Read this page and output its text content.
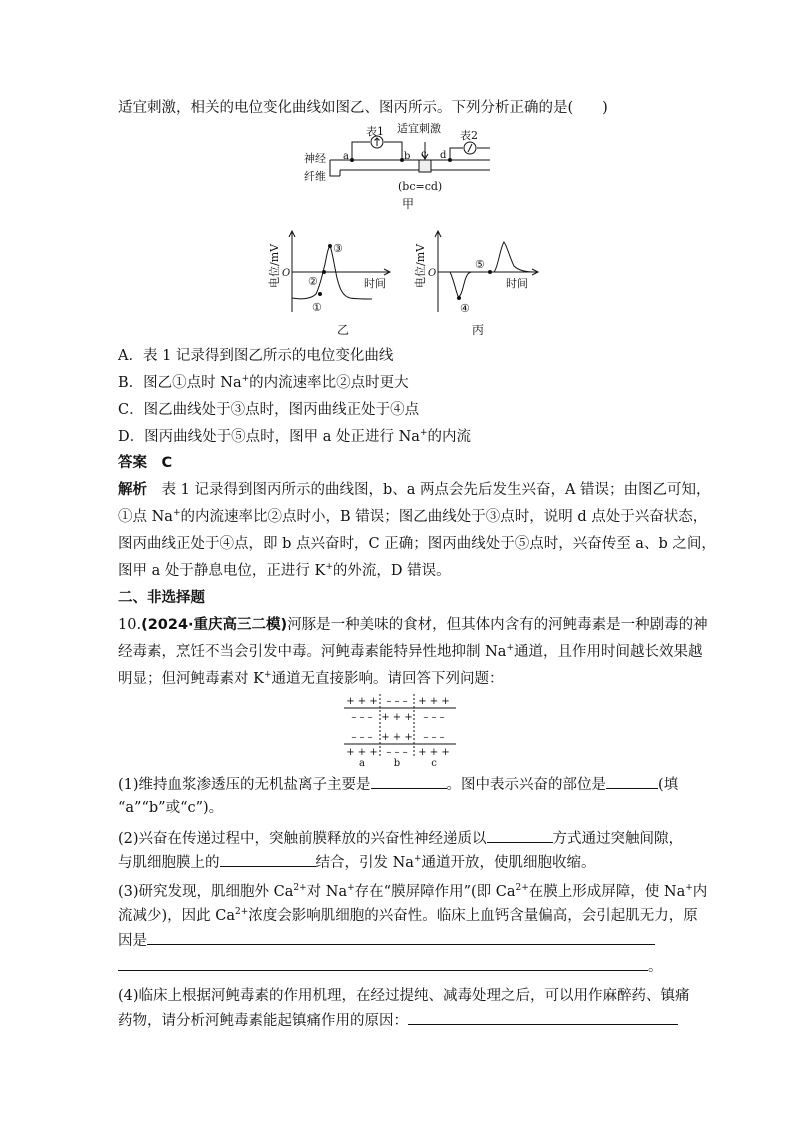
适宜刺激，相关的电位变化曲线如图乙、图丙所示。下列分析正确的是(　　)
表1	表2
适宜刺激
神经
纤维
a	b c d
(bc=cd)
甲
电位/mV O
时间
①
②
③
乙
电位/mV O
时间
④
⑤
丙
A．表 1 记录得到图乙所示的电位变化曲线
B．图乙①点时 Na+的内流速率比②点时更大
C．图乙曲线处于③点时，图丙曲线正处于④点
D．图丙曲线处于⑤点时，图甲 a 处正进行 Na+的内流
答案　C
解析　 表 1 记录得到图丙所示的曲线图，b、a 两点会先后发生兴奋，A 错误；由图乙可知，
①点 Na+的内流速率比②点时小，B 错误；图乙曲线处于③点时，说明 d 点处于兴奋状态，
图丙曲线正处于④点，即 b 点兴奋时，C 正确；图丙曲线处于⑤点时，兴奋传至 a、b 之间，
图甲 a 处于静息电位，正进行 K+的外流，D 错误。
二、非选择题
10.(2024·重庆高三二模)河豚是一种美味的食材，但其体内含有的河鲀毒素是一种剧毒的神
经毒素，烹饪不当会引发中毒。河鲀毒素能特异性地抑制 Na+通道，且作用时间越长效果越
明显；但河鲀毒素对 K+通道无直接影响。请回答下列问题：
+ + + – – – + + +
– – – + + + – – –
– – – + + + – – –
+ + + – – – + + +
a	b	c
(1)维持血浆渗透压的无机盐离子主要是	。图中表示兴奋的部位是	(填
“a”“b”或“c”)。
(2)兴奋在传递过程中，突触前膜释放的兴奋性神经递质以	方式通过突触间隙，
与肌细胞膜上的	结合，引发 Na+通道开放，使肌细胞收缩。
(3)研究发现，肌细胞外 $Ca^{2+}$对 Na+存在“膜屏障作用”(即 $Ca^{2+}$在膜上形成屏障，使 Na+内
流减少)，因此 $Ca^{2+}$浓度会影响肌细胞的兴奋性。临床上血钙含量偏高，会引起肌无力，原
因是
。
(4)临床上根据河鲀毒素的作用机理，在经过提纯、减毒处理之后，可以用作麻醉药、镇痛
药物，请分析河鲀毒素能起镇痛作用的原因：
